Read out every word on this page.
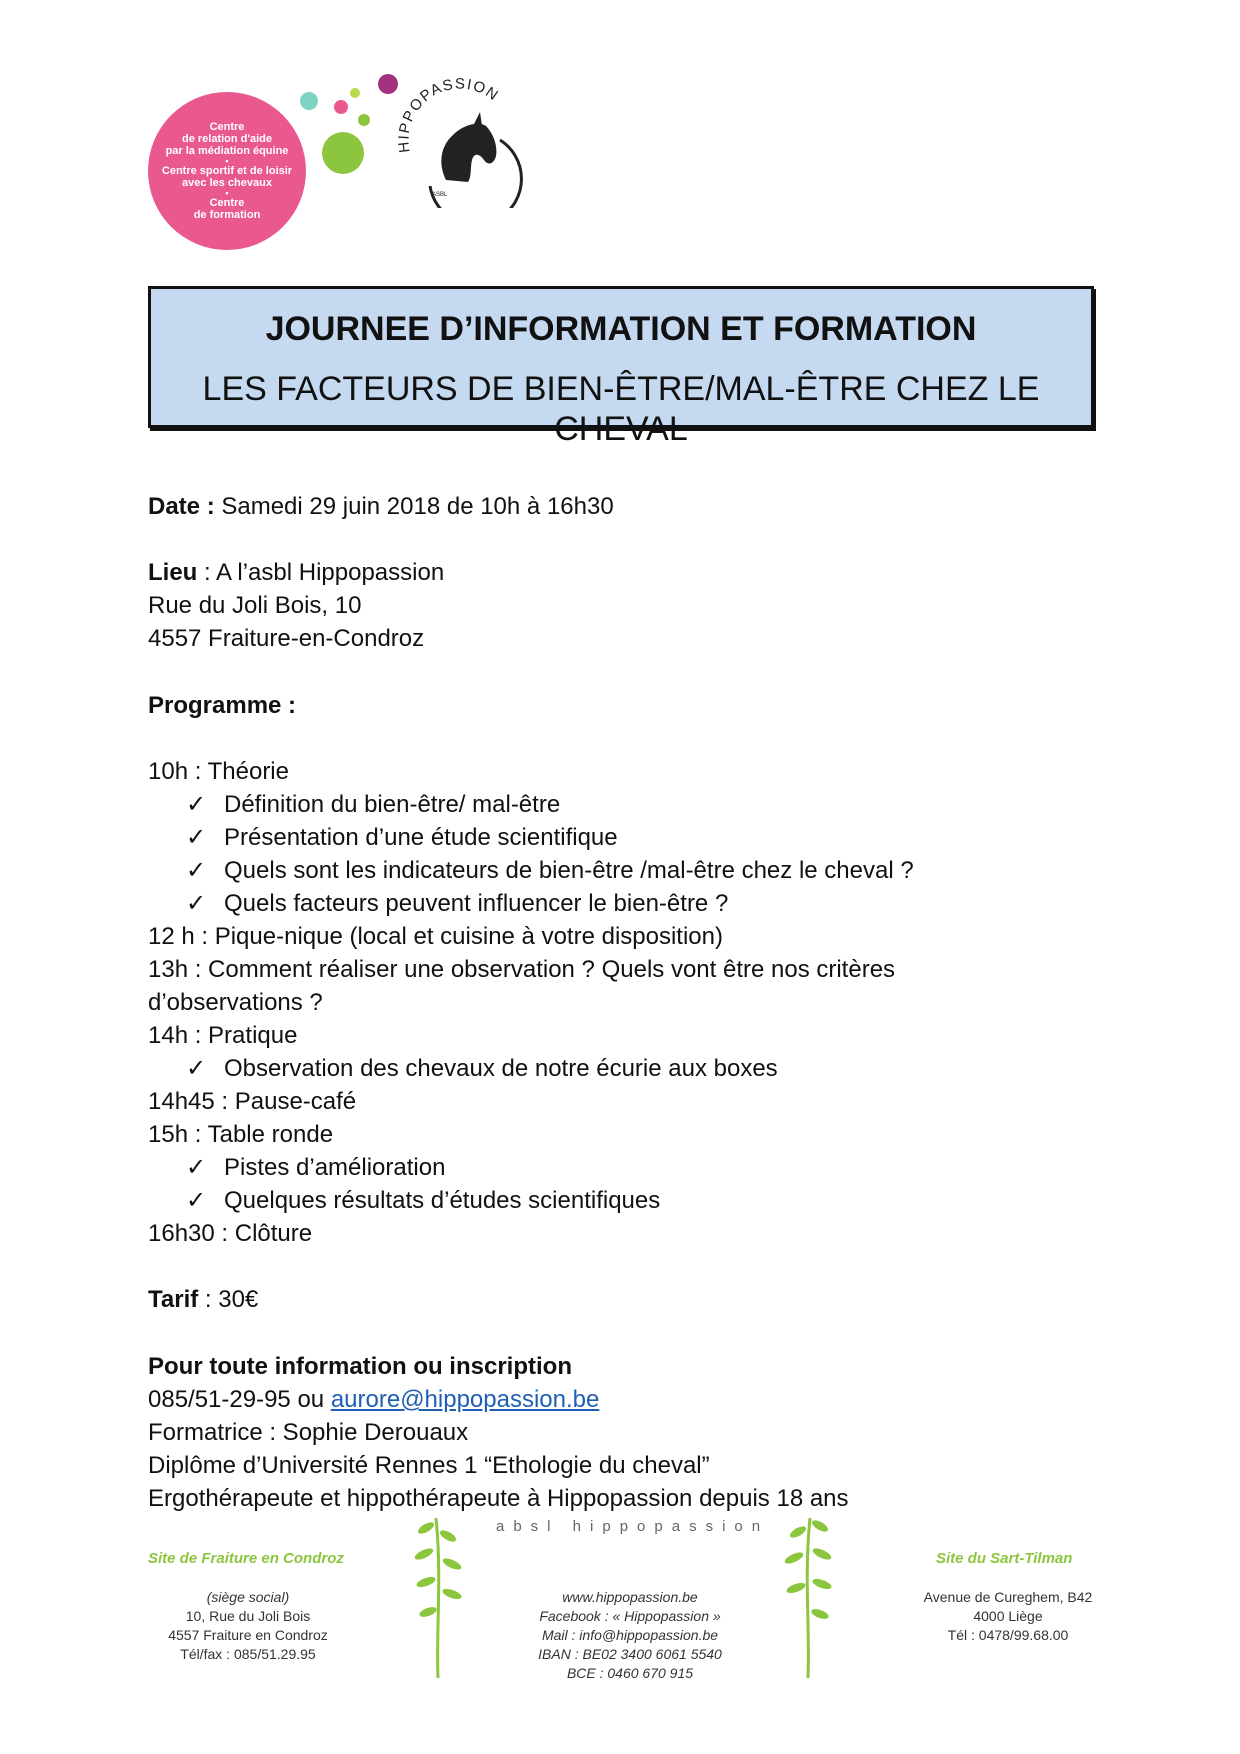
Centre
de relation d'aide
par la médiation équine
•
Centre sportif et de loisir
avec les chevaux
•
Centre
de formation
HIPPOPASSION
ASBL
JOURNEE D’INFORMATION ET FORMATION
LES FACTEURS DE BIEN-ÊTRE/MAL-ÊTRE CHEZ LE CHEVAL
Date : Samedi 29 juin 2018 de 10h à 16h30
Lieu : A l’asbl Hippopassion
Rue du Joli Bois, 10
4557 Fraiture-en-Condroz
Programme :
10h : Théorie
✓ Définition du bien-être/ mal-être
✓ Présentation d’une étude scientifique
✓ Quels sont les indicateurs de bien-être /mal-être chez le cheval ?
✓ Quels facteurs peuvent influencer le bien-être ?
12 h : Pique-nique (local et cuisine à votre disposition)
13h : Comment réaliser une observation ? Quels vont être nos critères
d’observations ?
14h : Pratique
✓ Observation des chevaux de notre écurie aux boxes
14h45 : Pause-café
15h : Table ronde
✓ Pistes d’amélioration
✓ Quelques résultats d’études scientifiques
16h30 : Clôture
Tarif : 30€
Pour toute information ou inscription
085/51-29-95 ou aurore@hippopassion.be
Formatrice : Sophie Derouaux
Diplôme d’Université Rennes 1 “Ethologie du cheval”
Ergothérapeute et hippothérapeute à Hippopassion depuis 18 ans
absl hippopassion
Site de Fraiture en Condroz
(siège social)
10, Rue du Joli Bois
4557 Fraiture en Condroz
Tél/fax : 085/51.29.95
www.hippopassion.be
Facebook : « Hippopassion »
Mail : info@hippopassion.be
IBAN : BE02 3400 6061 5540
BCE : 0460 670 915
Site du Sart-Tilman
Avenue de Cureghem, B42
4000 Liège
Tél : 0478/99.68.00
